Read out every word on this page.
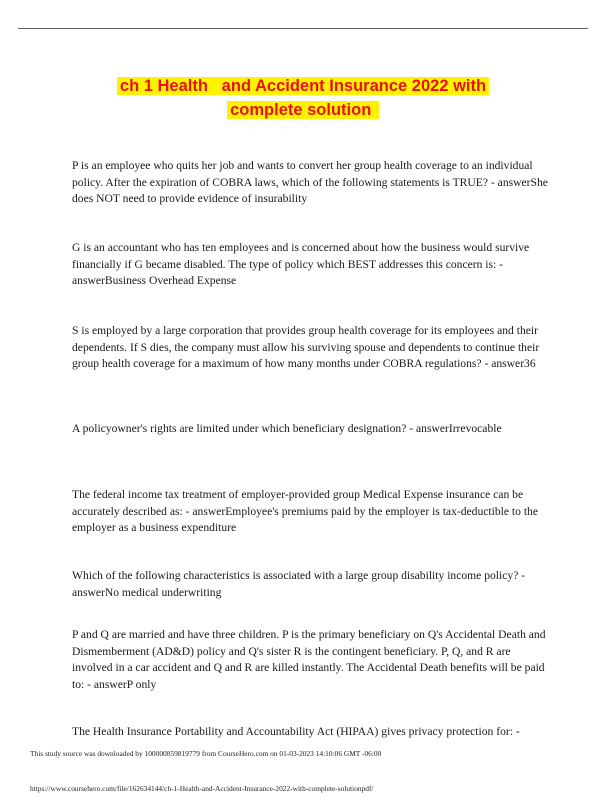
ch 1 Health   and Accident Insurance 2022 with
complete solution

P is an employee who quits her job and wants to convert her group health coverage to an individual policy. After the expiration of COBRA laws, which of the following statements is TRUE? - answerShe does NOT need to provide evidence of insurability

G is an accountant who has ten employees and is concerned about how the business would survive financially if G became disabled. The type of policy which BEST addresses this concern is: - answerBusiness Overhead Expense

S is employed by a large corporation that provides group health coverage for its employees and their dependents. If S dies, the company must allow his surviving spouse and dependents to continue their group health coverage for a maximum of how many months under COBRA regulations? - answer36

A policyowner's rights are limited under which beneficiary designation? - answerIrrevocable

The federal income tax treatment of employer-provided group Medical Expense insurance can be accurately described as: - answerEmployee's premiums paid by the employer is tax-deductible to the employer as a business expenditure

Which of the following characteristics is associated with a large group disability income policy? - answerNo medical underwriting

P and Q are married and have three children. P is the primary beneficiary on Q's Accidental Death and Dismemberment (AD&D) policy and Q's sister R is the contingent beneficiary. P, Q, and R are involved in a car accident and Q and R are killed instantly. The Accidental Death benefits will be paid to: - answerP only

The Health Insurance Portability and Accountability Act (HIPAA) gives privacy protection for: -

This study source was downloaded by 100000859819779 from CourseHero.com on 01-03-2023 14:10:06 GMT -06:00
https://www.coursehero.com/file/162634144/ch-1-Health-and-Accident-Insurance-2022-with-complete-solutionpdf/
